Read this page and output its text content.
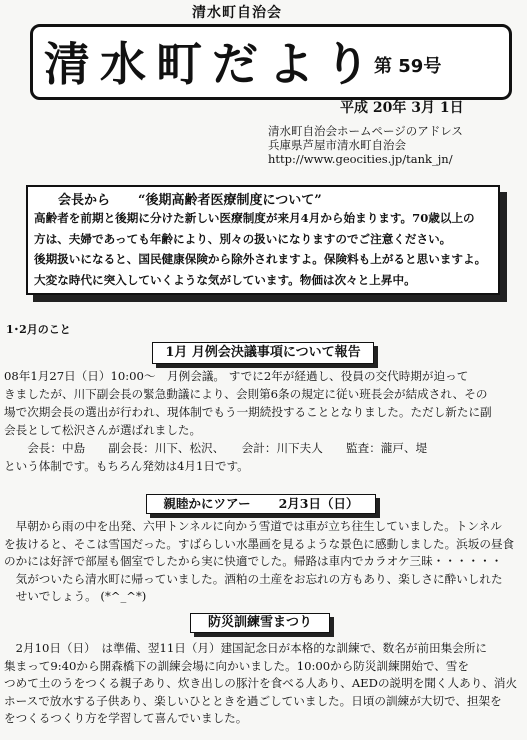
清水町自治会
清水町だより
第 59号
平成 20年 3月 1日
清水町自治会ホームページのアドレス
兵庫県芦屋市清水町自治会
http://www.geocities.jp/tank_jn/
会長から “後期高齢者医療制度について”
高齢者を前期と後期に分けた新しい医療制度が来月4月から始まります。70歳以上の
方は、夫婦であっても年齢により、別々の扱いになりますのでご注意ください。
後期扱いになると、国民健康保険から除外されますよ。保険料も上がると思いますよ。
大変な時代に突入していくような気がしています。物価は次々と上昇中。
1･2月のこと
1月 月例会決議事項について報告
08年1月27日（日）10:00～　月例会議。 すでに2年が経過し、役員の交代時期が迫って
きましたが、川下副会長の緊急動議により、会則第6条の規定に従い班長会が結成され、その
場で次期会長の選出が行われ、現体制でもう一期続投することとなりました。ただし新たに副
会長として松沢さんが選ばれました。
　　会長：中島　　副会長：川下、松沢、　　会計：川下夫人　　監査：瀧戸、堤
という体制です。もちろん発効は4月1日です。
親睦かにツアー 2月3日（日）
　早朝から雨の中を出発、六甲トンネルに向かう雪道では車が立ち往生していました。トンネル
を抜けると、そこは雪国だった。すばらしい水墨画を見るような景色に感動しました。浜坂の昼食
のかには好評で部屋も個室でしたから実に快適でした。帰路は車内でカラオケ三昧・・・・・・
　気がついたら清水町に帰っていました。酒粕の土産をお忘れの方もあり、楽しさに酔いしれた
　せいでしょう。 (*^_^*)
防災訓練雪まつり
　2月10日（日）　は準備、翌11日（月）建国記念日が本格的な訓練で、数名が前田集会所に
集まって9:40から開森橋下の訓練会場に向かいました。10:00から防災訓練開始で、雪を
つめて土のうをつくる親子あり、炊き出しの豚汁を食べる人あり、AEDの説明を聞く人あり、消火
ホースで放水する子供あり、楽しいひとときを過ごしていました。日頃の訓練が大切で、担架を
をつくるつくり方を学習して喜んでいました。
